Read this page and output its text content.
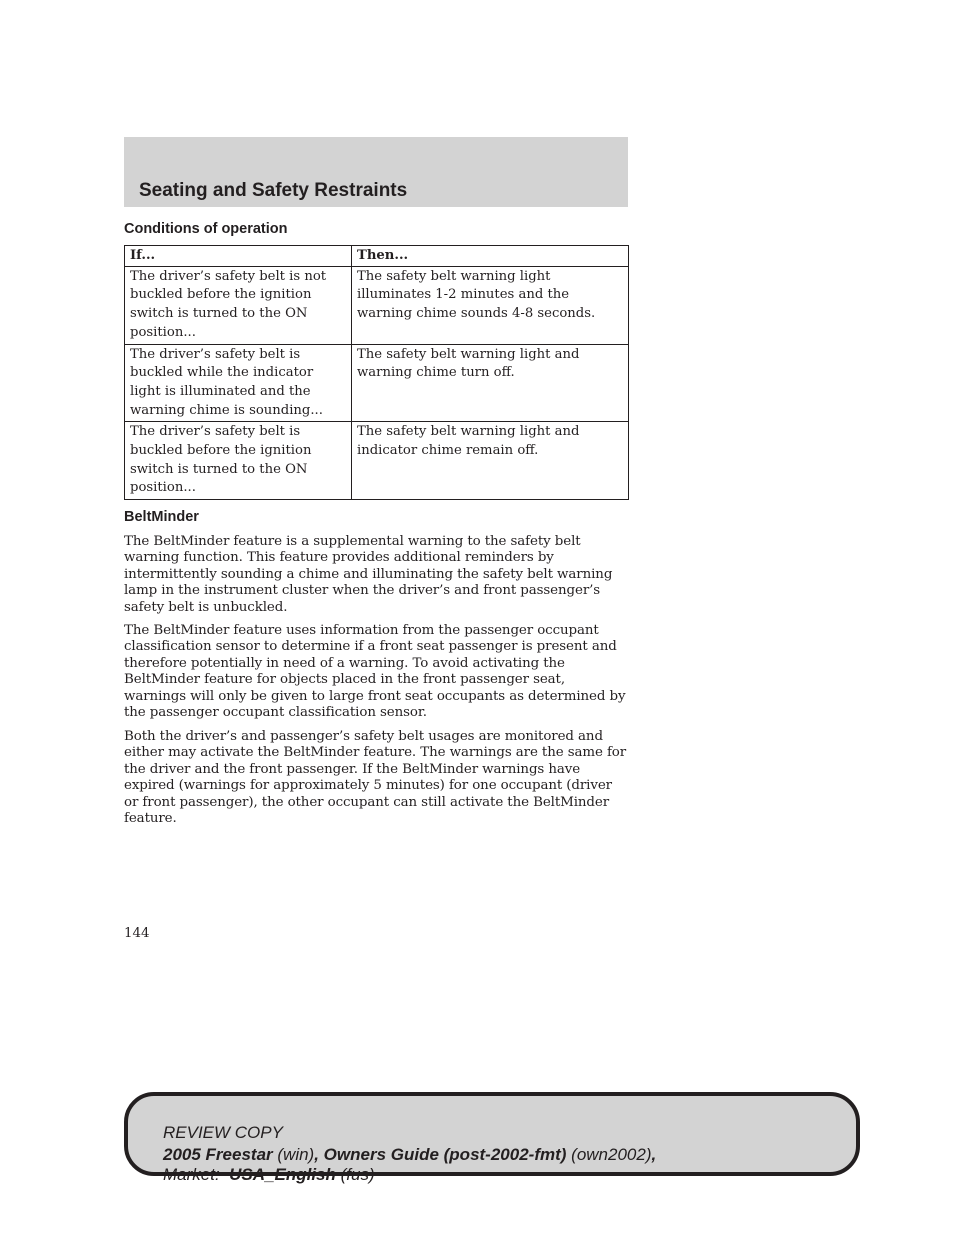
Seating and Safety Restraints
Conditions of operation
If...	Then...
The driver’s safety belt is not buckled before the ignition switch is turned to the ON position...	The safety belt warning light illuminates 1-2 minutes and the warning chime sounds 4-8 seconds.
The driver’s safety belt is buckled while the indicator light is illuminated and the warning chime is sounding...	The safety belt warning light and warning chime turn off.
The driver’s safety belt is buckled before the ignition switch is turned to the ON position...	The safety belt warning light and indicator chime remain off.
BeltMinder

The BeltMinder feature is a supplemental warning to the safety belt warning function. This feature provides additional reminders by intermittently sounding a chime and illuminating the safety belt warning lamp in the instrument cluster when the driver’s and front passenger’s safety belt is unbuckled.

The BeltMinder feature uses information from the passenger occupant classification sensor to determine if a front seat passenger is present and therefore potentially in need of a warning. To avoid activating the BeltMinder feature for objects placed in the front passenger seat, warnings will only be given to large front seat occupants as determined by the passenger occupant classification sensor.

Both the driver’s and passenger’s safety belt usages are monitored and either may activate the BeltMinder feature. The warnings are the same for the driver and the front passenger. If the BeltMinder warnings have expired (warnings for approximately 5 minutes) for one occupant (driver or front passenger), the other occupant can still activate the BeltMinder feature.

144
REVIEW COPY
2005 Freestar (win), Owners Guide (post-2002-fmt) (own2002),
Market: USA_English (fus)
